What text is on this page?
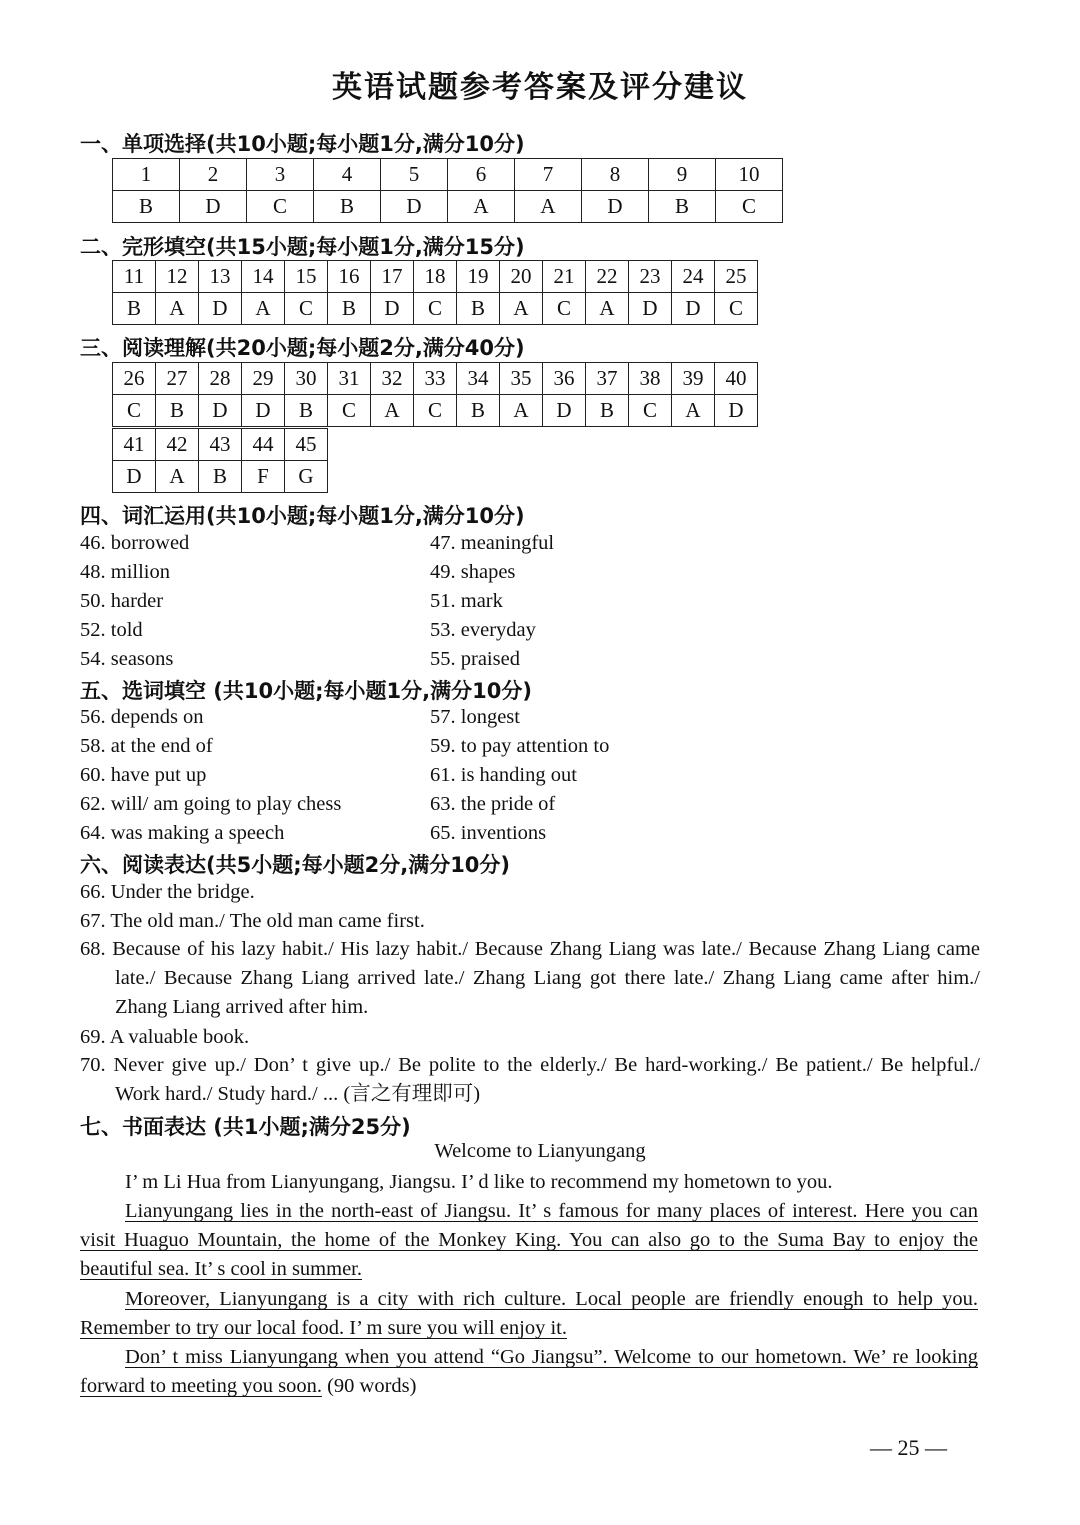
英语试题参考答案及评分建议
一、单项选择(共10小题;每小题1分,满分10分)
1	2	3	4	5	6	7	8	9	10
B	D	C	B	D	A	A	D	B	C
二、完形填空(共15小题;每小题1分,满分15分)
11	12	13	14	15	16	17	18	19	20	21	22	23	24	25
B	A	D	A	C	B	D	C	B	A	C	A	D	D	C
三、阅读理解(共20小题;每小题2分,满分40分)
26	27	28	29	30	31	32	33	34	35	36	37	38	39	40
C	B	D	D	B	C	A	C	B	A	D	B	C	A	D
41	42	43	44	45
D	A	B	F	G
四、词汇运用(共10小题;每小题1分,满分10分)
46. borrowed	47. meaningful
48. million	49. shapes
50. harder	51. mark
52. told	53. everyday
54. seasons	55. praised
五、选词填空 (共10小题;每小题1分,满分10分)
56. depends on	57. longest
58. at the end of	59. to pay attention to
60. have put up	61. is handing out
62. will/ am going to play chess	63. the pride of
64. was making a speech	65. inventions
六、阅读表达(共5小题;每小题2分,满分10分)
66. Under the bridge.
67. The old man./ The old man came first.
68. Because of his lazy habit./ His lazy habit./ Because Zhang Liang was late./ Because Zhang Liang came late./ Because Zhang Liang arrived late./ Zhang Liang got there late./ Zhang Liang came after him./ Zhang Liang arrived after him.
69. A valuable book.
70. Never give up./ Don’ t give up./ Be polite to the elderly./ Be hard-working./ Be patient./ Be helpful./ Work hard./ Study hard./ ... (言之有理即可)
七、书面表达 (共1小题;满分25分)
Welcome to Lianyungang
I’ m Li Hua from Lianyungang, Jiangsu. I’ d like to recommend my hometown to you.
Lianyungang lies in the north-east of Jiangsu. It’ s famous for many places of interest. Here you can visit Huaguo Mountain, the home of the Monkey King. You can also go to the Suma Bay to enjoy the beautiful sea. It’ s cool in summer.
Moreover, Lianyungang is a city with rich culture. Local people are friendly enough to help you. Remember to try our local food. I’ m sure you will enjoy it.
Don’ t miss Lianyungang when you attend “Go Jiangsu”. Welcome to our hometown. We’ re looking forward to meeting you soon. (90 words)
— 25 —
